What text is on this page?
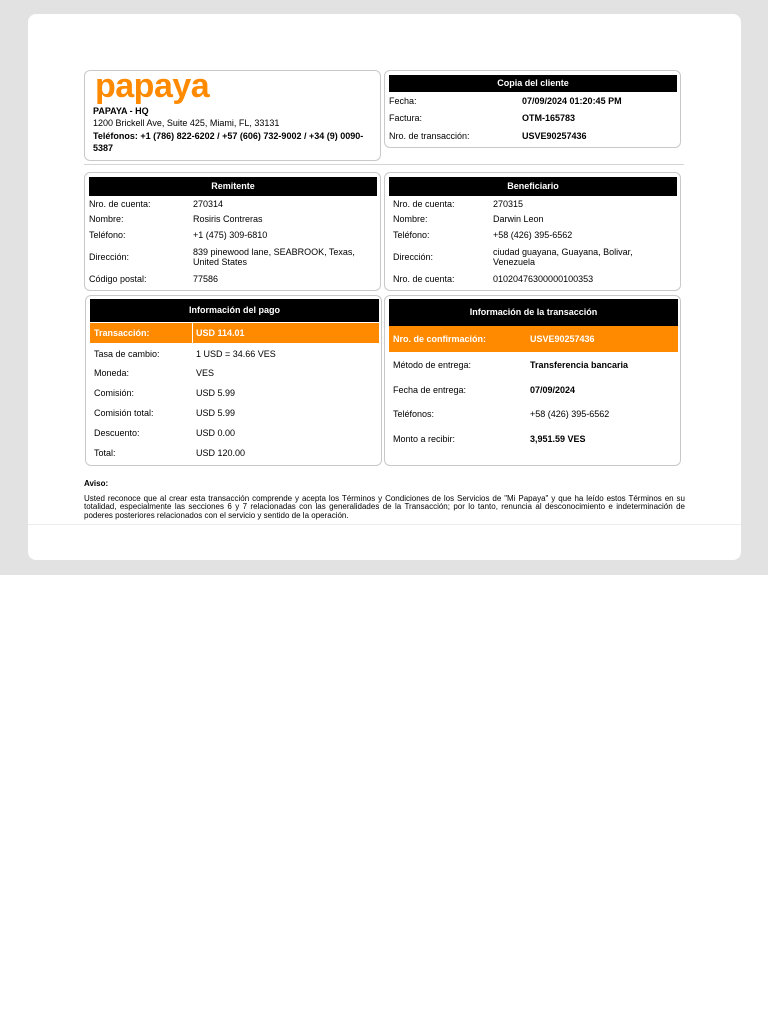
papaya
PAPAYA - HQ
1200 Brickell Ave, Suite 425, Miami, FL, 33131
Teléfonos: +1 (786) 822-6202 / +57 (606) 732-9002 / +34 (9) 0090-5387
Copia del cliente
Fecha:	07/09/2024 01:20:45 PM
Factura:	OTM-165783
Nro. de transacción:	USVE90257436
Remitente
Nro. de cuenta:	270314
Nombre:	Rosiris Contreras
Teléfono:	+1 (475) 309-6810
Dirección:	839 pinewood lane, SEABROOK, Texas, United States
Código postal:	77586
Beneficiario
Nro. de cuenta:	270315
Nombre:	Darwin Leon
Teléfono:	+58 (426) 395-6562
Dirección:	ciudad guayana, Guayana, Bolivar, Venezuela
Nro. de cuenta:	01020476300000100353
Información del pago
Transacción:	USD 114.01
Tasa de cambio:	1 USD = 34.66 VES
Moneda:	VES
Comisión:	USD 5.99
Comisión total:	USD 5.99
Descuento:	USD 0.00
Total:	USD 120.00
Información de la transacción
Nro. de confirmación:	USVE90257436
Método de entrega:	Transferencia bancaria
Fecha de entrega:	07/09/2024
Teléfonos:	+58 (426) 395-6562
Monto a recibir:	3,951.59 VES
Aviso:
Usted reconoce que al crear esta transacción comprende y acepta los Términos y Condiciones de los Servicios de "Mi Papaya" y que ha leído estos Términos en su totalidad, especialmente las secciones 6 y 7 relacionadas con las generalidades de la Transacción; por lo tanto, renuncia al desconocimiento e indeterminación de poderes posteriores relacionados con el servicio y sentido de la operación.
